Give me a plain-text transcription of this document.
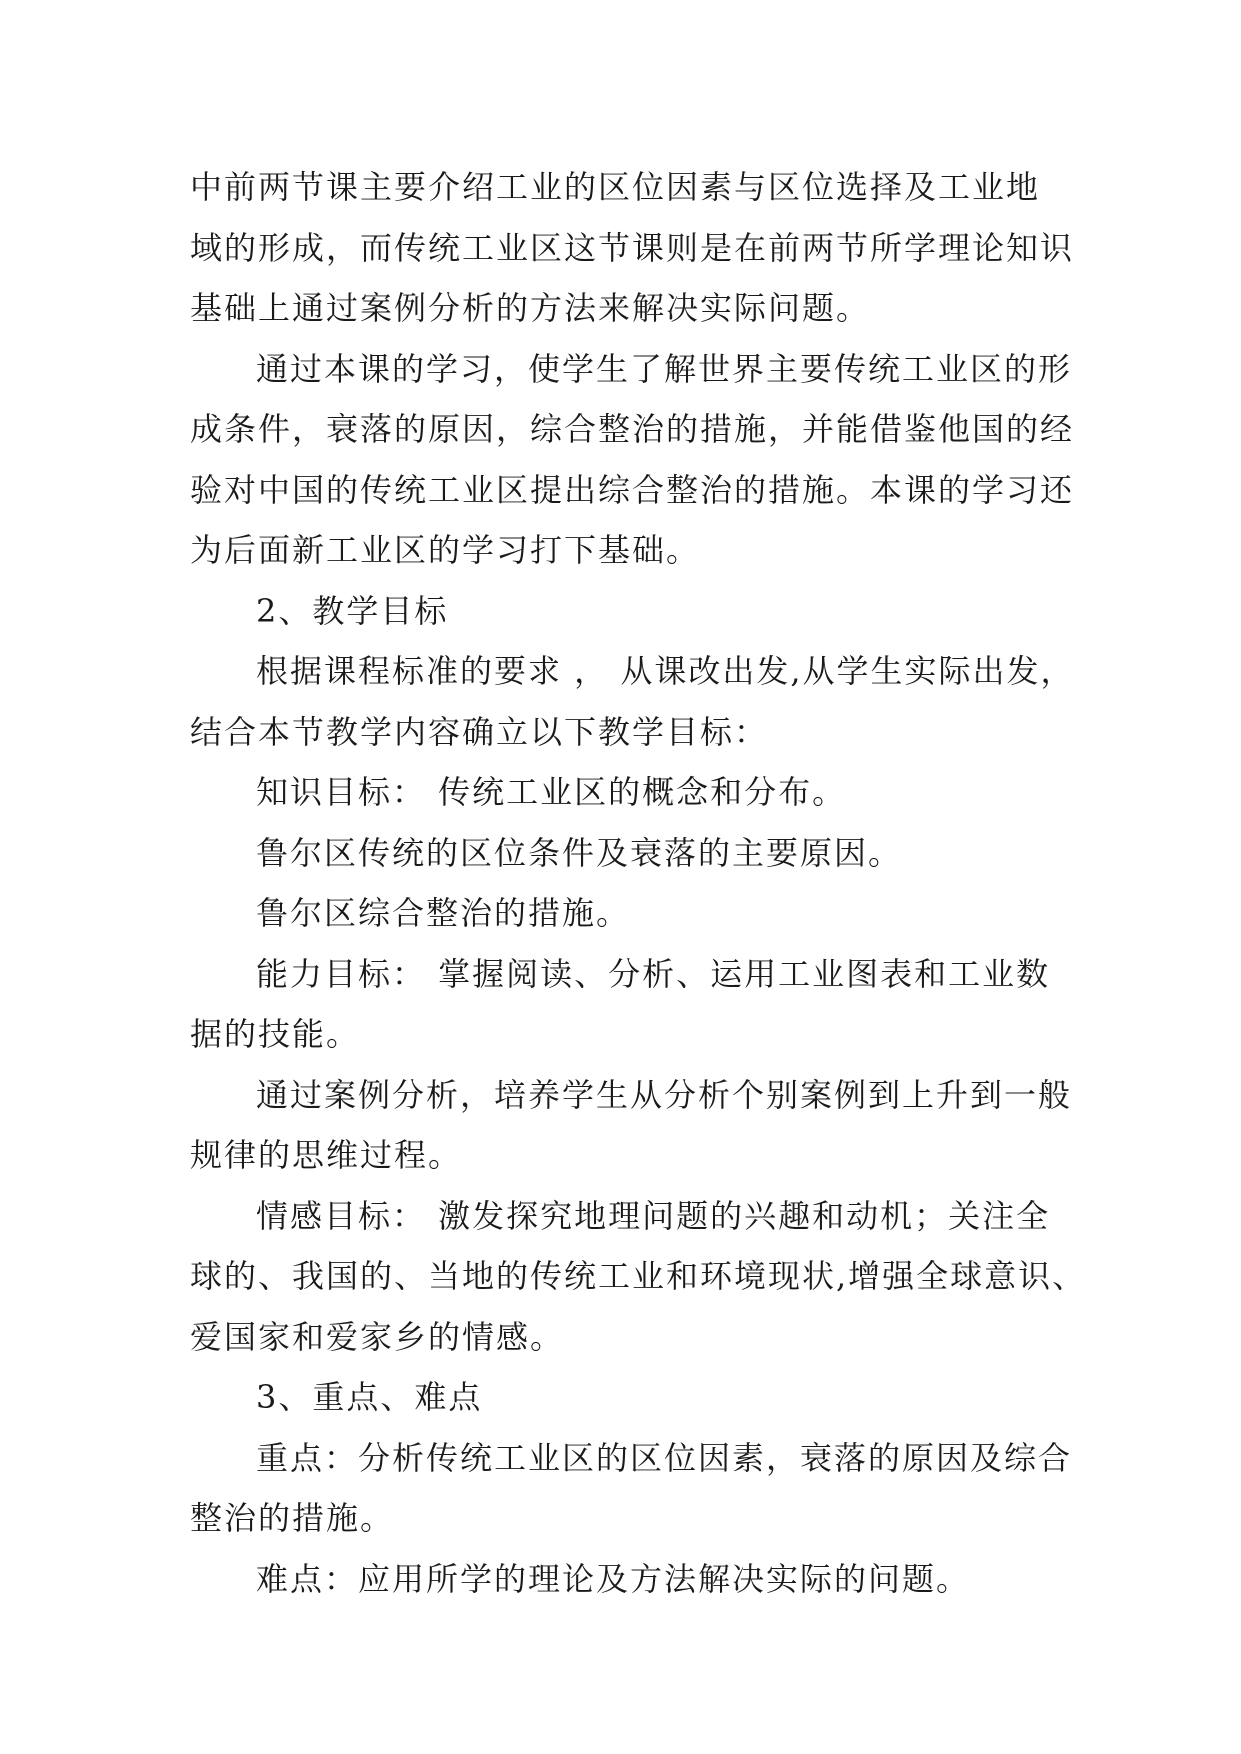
中前两节课主要介绍工业的区位因素与区位选择及工业地
域的形成，而传统工业区这节课则是在前两节所学理论知识
基础上通过案例分析的方法来解决实际问题。
通过本课的学习，使学生了解世界主要传统工业区的形
成条件，衰落的原因，综合整治的措施，并能借鉴他国的经
验对中国的传统工业区提出综合整治的措施。本课的学习还
为后面新工业区的学习打下基础。
2、教学目标
根据课程标准的要求 ， 从课改出发,从学生实际出发，
结合本节教学内容确立以下教学目标：
知识目标： 传统工业区的概念和分布。
鲁尔区传统的区位条件及衰落的主要原因。
鲁尔区综合整治的措施。
能力目标： 掌握阅读、分析、运用工业图表和工业数
据的技能。
通过案例分析，培养学生从分析个别案例到上升到一般
规律的思维过程。
情感目标： 激发探究地理问题的兴趣和动机；关注全
球的、我国的、当地的传统工业和环境现状,增强全球意识、
爱国家和爱家乡的情感。
3、重点、难点
重点：分析传统工业区的区位因素，衰落的原因及综合
整治的措施。
难点：应用所学的理论及方法解决实际的问题。
